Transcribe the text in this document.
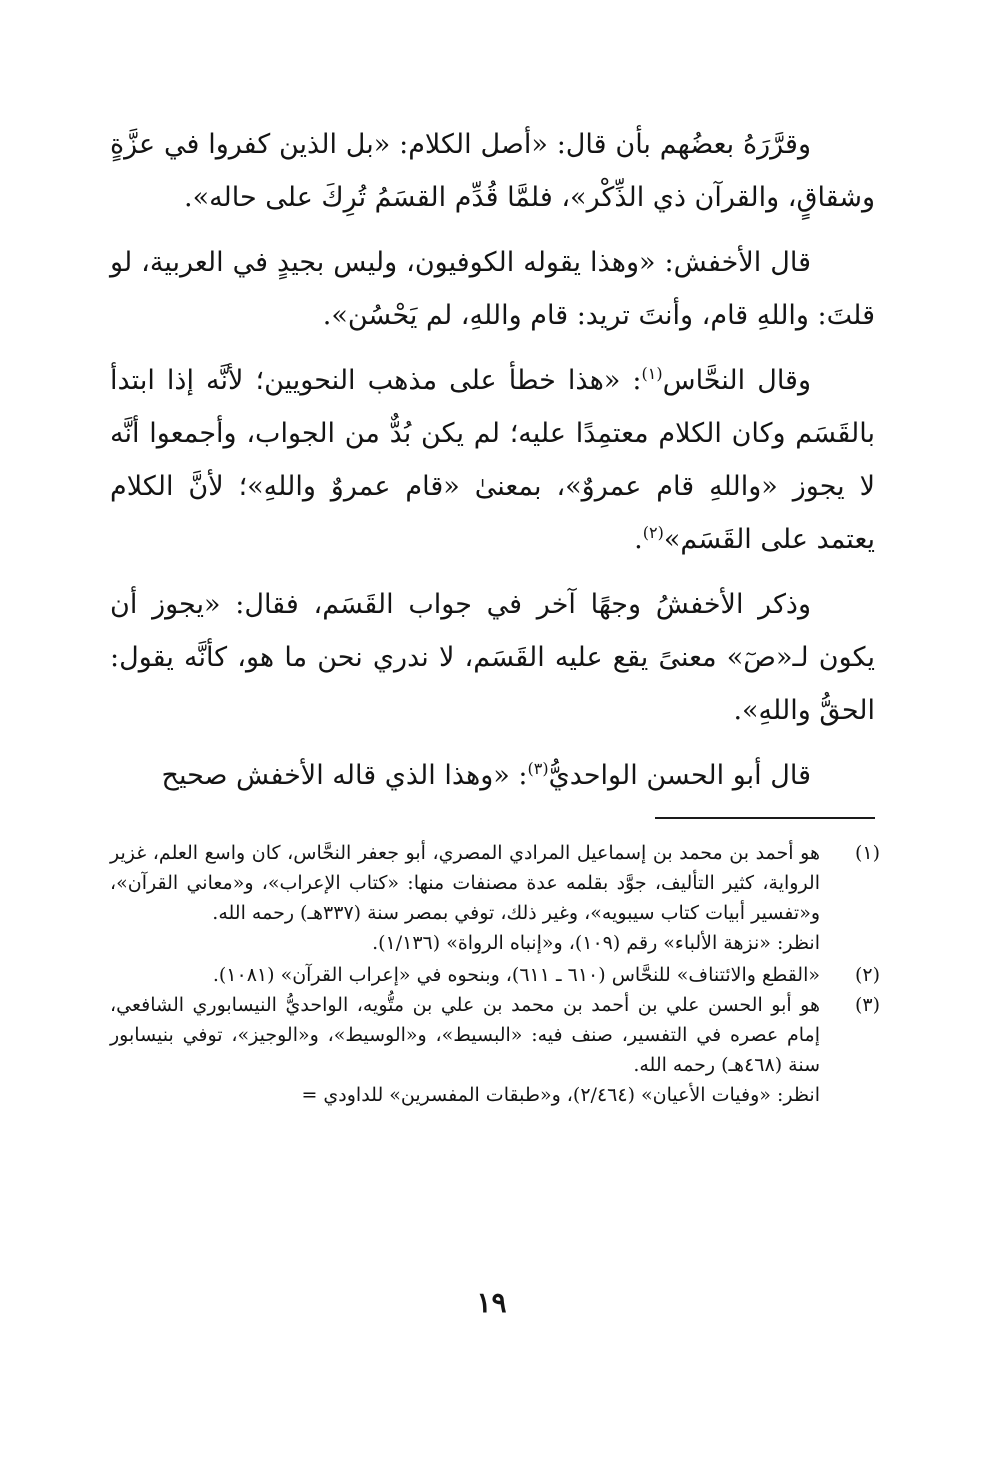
وقرَّرَهُ بعضُهم بأن قال: «أصل الكلام: «بل الذين كفروا في عزَّةٍ وشقاقٍ، والقرآن ذي الذِّكْر»، فلمَّا قُدِّم القسَمُ تُرِكَ على حاله».

قال الأخفش: «وهذا يقوله الكوفيون، وليس بجيدٍ في العربية، لو قلتَ: واللهِ قام، وأنتَ تريد: قام واللهِ، لم يَحْسُن».

وقال النحَّاس$^{(١)}$: «هذا خطأ على مذهب النحويين؛ لأنَّه إذا ابتدأ بالقَسَم وكان الكلام معتمِدًا عليه؛ لم يكن بُدٌّ من الجواب، وأجمعوا أنَّه لا يجوز «واللهِ قام عمروٌ»، بمعنىٰ «قام عمروٌ واللهِ»؛ لأنَّ الكلام يعتمد على القَسَم»$^{(٢)}$.

وذكر الأخفشُ وجهًا آخر في جواب القَسَم، فقال: «يجوز أن يكون لـ«صٓ» معنىً يقع عليه القَسَم، لا ندري نحن ما هو، كأنَّه يقول: الحقُّ واللهِ».

قال أبو الحسن الواحديُّ$^{(٣)}$: «وهذا الذي قاله الأخفش صحيح

(١)
هو أحمد بن محمد بن إسماعيل المرادي المصري، أبو جعفر النحَّاس، كان واسع العلم، غزير الرواية، كثير التأليف، جوَّد بقلمه عدة مصنفات منها: «كتاب الإعراب»، و«معاني القرآن»، و«تفسير أبيات كتاب سيبويه»، وغير ذلك، توفي بمصر سنة (٣٣٧هـ) رحمه الله.
انظر: «نزهة الألباء» رقم (١٠٩)، و«إنباه الرواة» (١/١٣٦).
(٢)
«القطع والائتناف» للنحَّاس (٦١٠ ـ ٦١١)، وبنحوه في «إعراب القرآن» (١٠٨١).
(٣)
هو أبو الحسن علي بن أحمد بن محمد بن علي بن متُّويه، الواحديُّ النيسابوري الشافعي، إمام عصره في التفسير، صنف فيه: «البسيط»، و«الوسيط»، و«الوجيز»، توفي بنيسابور سنة (٤٦٨هـ) رحمه الله.
انظر: «وفيات الأعيان» (٢/٤٦٤)، و«طبقات المفسرين» للداودي =
١٩
